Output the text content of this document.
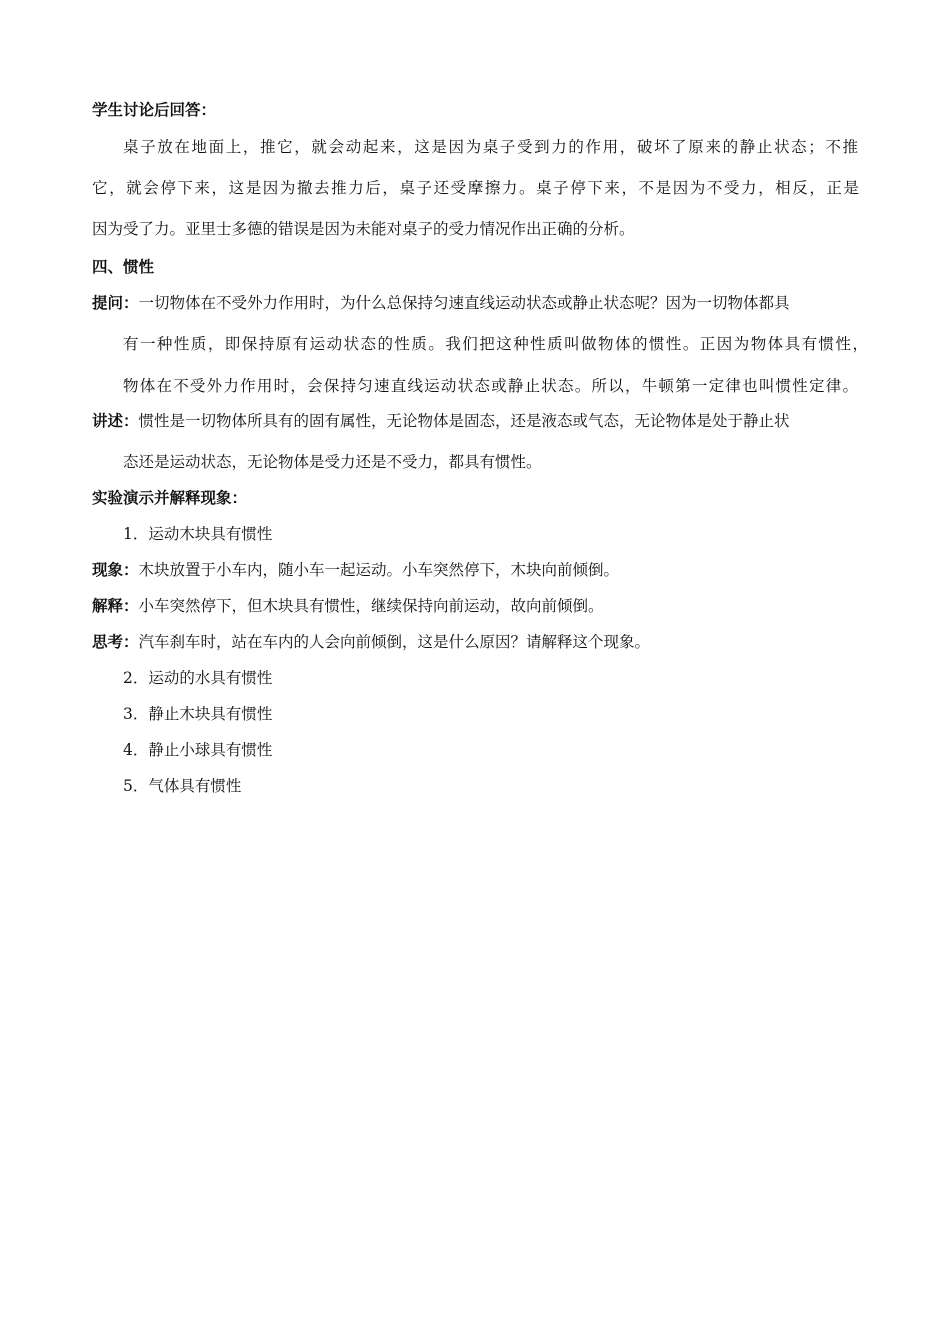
学生讨论后回答：
桌子放在地面上，推它，就会动起来，这是因为桌子受到力的作用，破坏了原来的静止状态；不推
它，就会停下来，这是因为撤去推力后，桌子还受摩擦力。桌子停下来，不是因为不受力，相反，正是
因为受了力。亚里士多德的错误是因为未能对桌子的受力情况作出正确的分析。
四、惯性
提问：一切物体在不受外力作用时，为什么总保持匀速直线运动状态或静止状态呢？因为一切物体都具
有一种性质，即保持原有运动状态的性质。我们把这种性质叫做物体的惯性。正因为物体具有惯性，
物体在不受外力作用时，会保持匀速直线运动状态或静止状态。所以，牛顿第一定律也叫惯性定律。
讲述：惯性是一切物体所具有的固有属性，无论物体是固态，还是液态或气态，无论物体是处于静止状
态还是运动状态，无论物体是受力还是不受力，都具有惯性。
实验演示并解释现象：
1．运动木块具有惯性
现象：木块放置于小车内，随小车一起运动。小车突然停下，木块向前倾倒。
解释：小车突然停下，但木块具有惯性，继续保持向前运动，故向前倾倒。
思考：汽车刹车时，站在车内的人会向前倾倒，这是什么原因？请解释这个现象。
2．运动的水具有惯性
3．静止木块具有惯性
4．静止小球具有惯性
5．气体具有惯性
